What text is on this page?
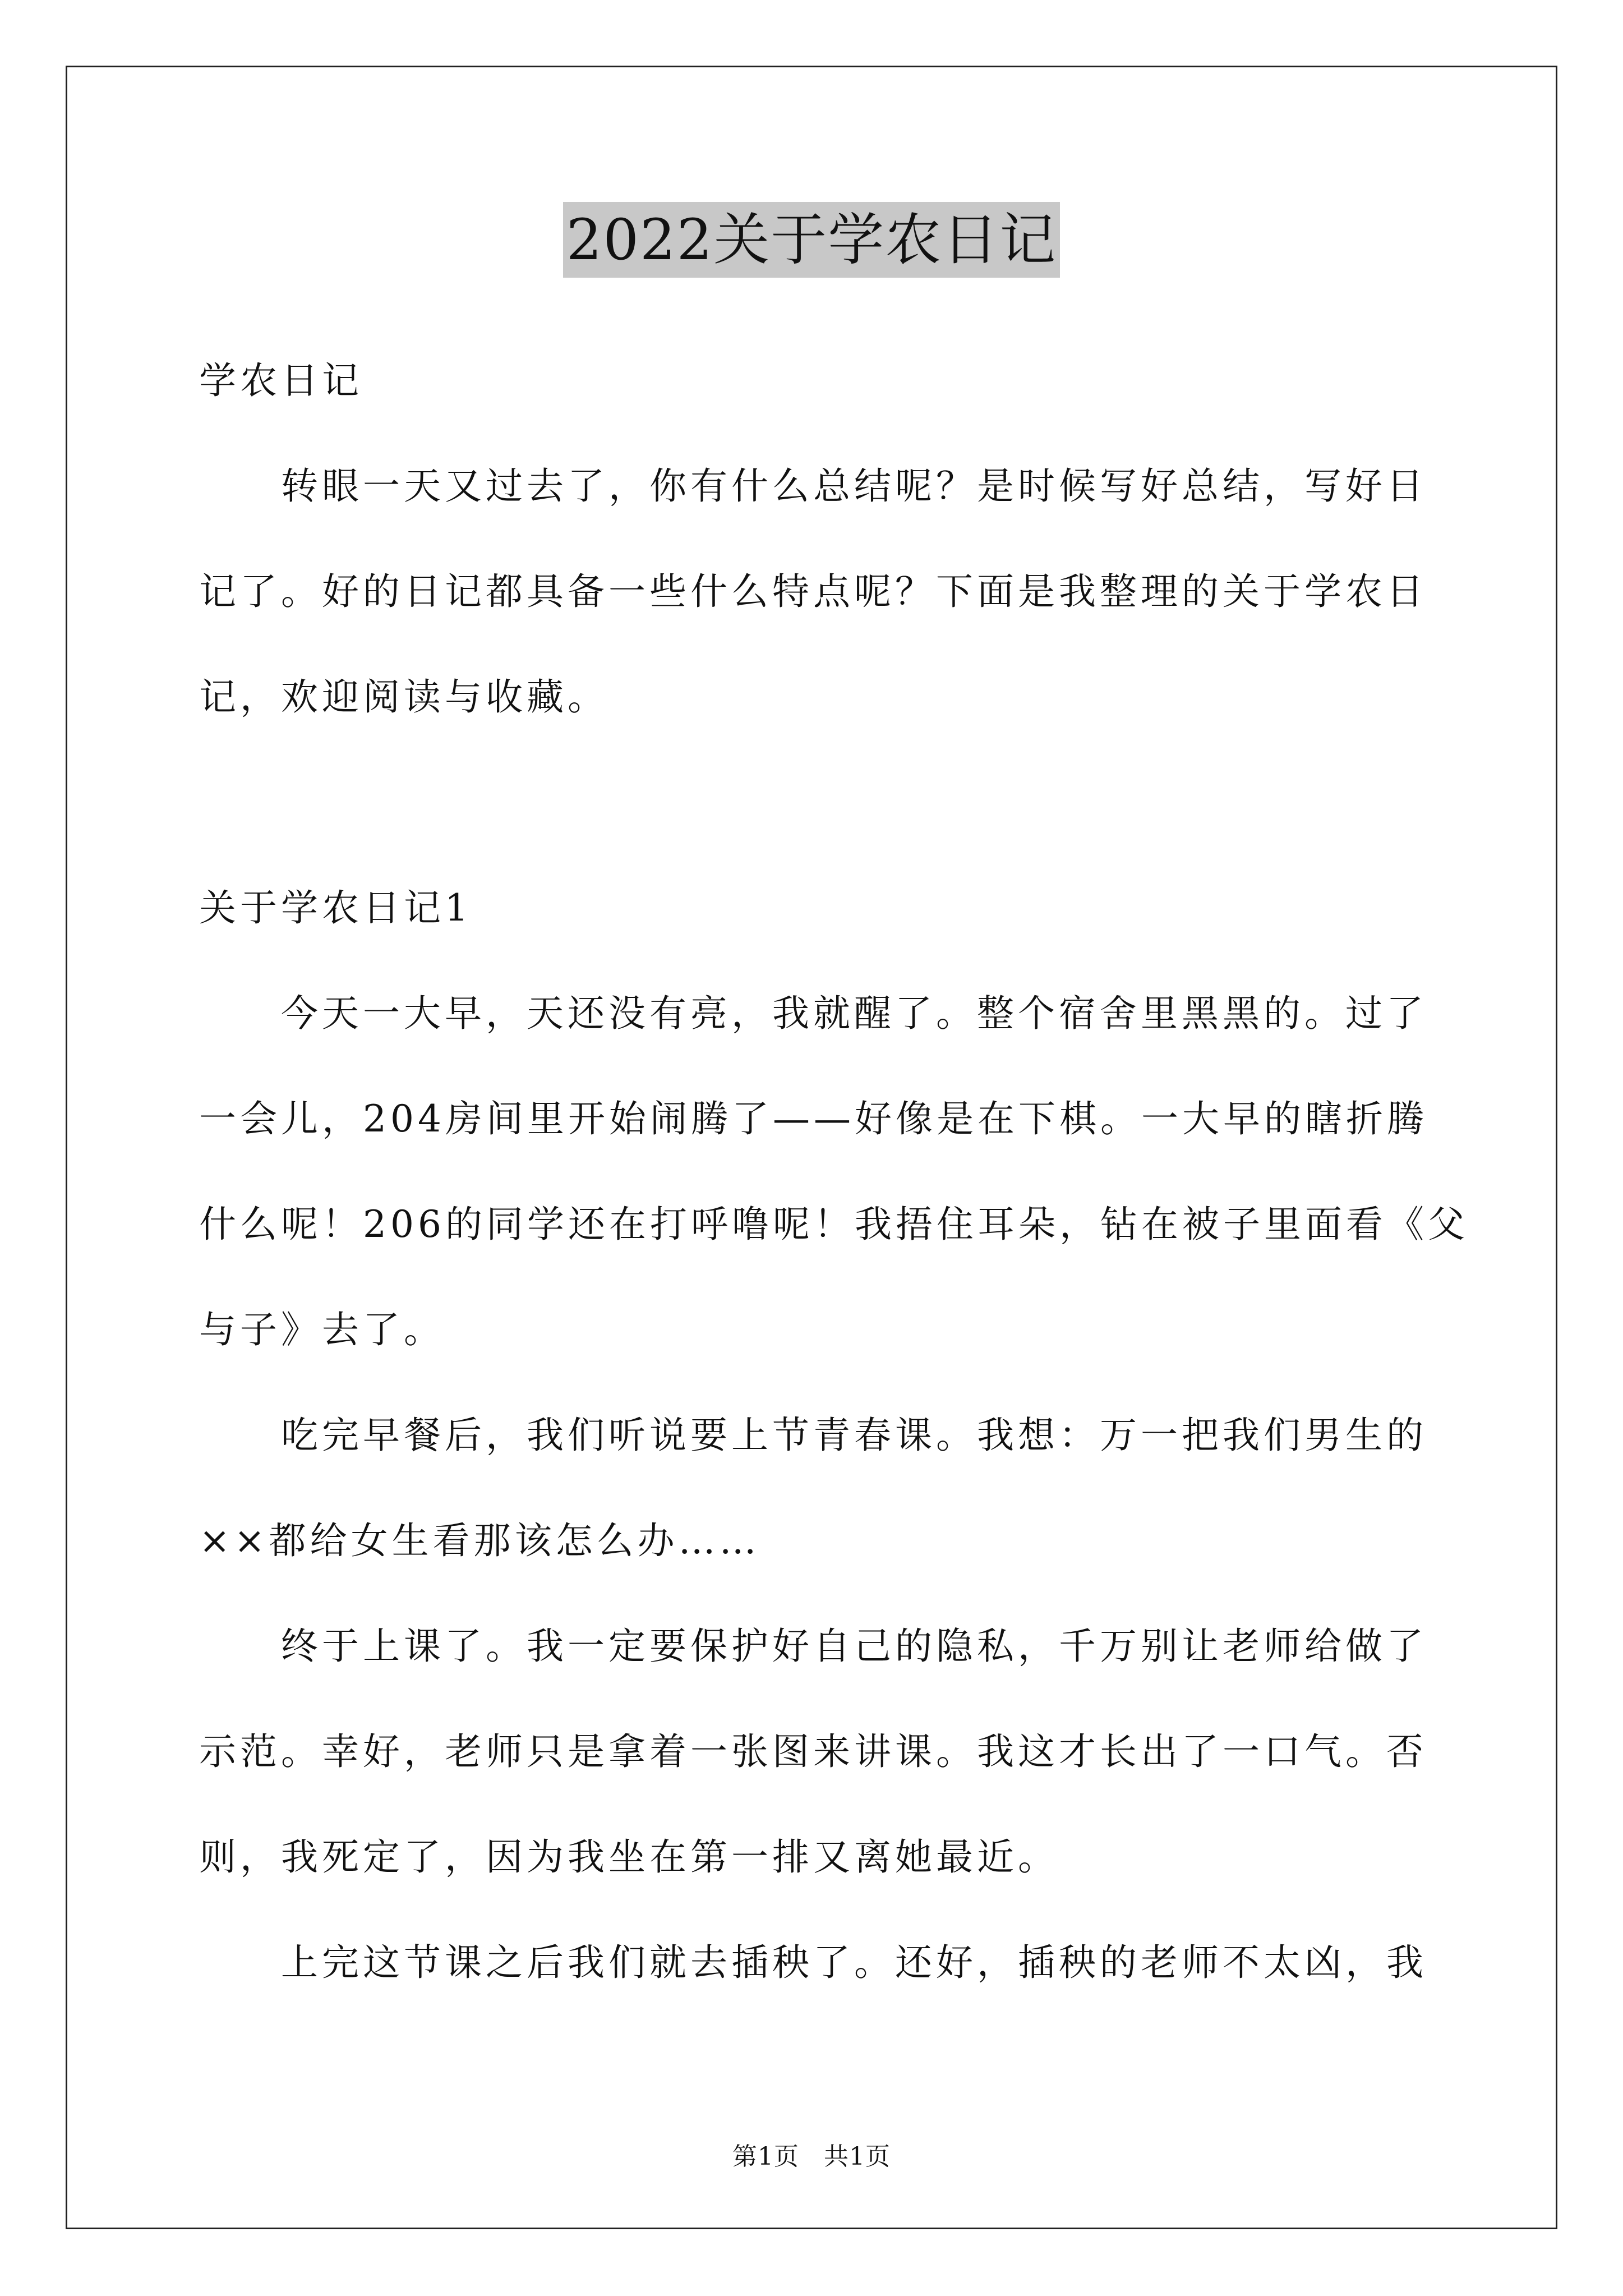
2022关于学农日记
学农日记
　　转眼一天又过去了，你有什么总结呢？是时候写好总结，写好日
记了。好的日记都具备一些什么特点呢？下面是我整理的关于学农日
记，欢迎阅读与收藏。

关于学农日记1
　　今天一大早，天还没有亮，我就醒了。整个宿舍里黑黑的。过了
一会儿，204房间里开始闹腾了——好像是在下棋。一大早的瞎折腾
什么呢！206的同学还在打呼噜呢！我捂住耳朵，钻在被子里面看《父
与子》去了。
　　吃完早餐后，我们听说要上节青春课。我想：万一把我们男生的
××都给女生看那该怎么办……
　　终于上课了。我一定要保护好自己的隐私，千万别让老师给做了
示范。幸好，老师只是拿着一张图来讲课。我这才长出了一口气。否
则，我死定了，因为我坐在第一排又离她最近。
　　上完这节课之后我们就去插秧了。还好，插秧的老师不太凶，我
第1页 共1页
